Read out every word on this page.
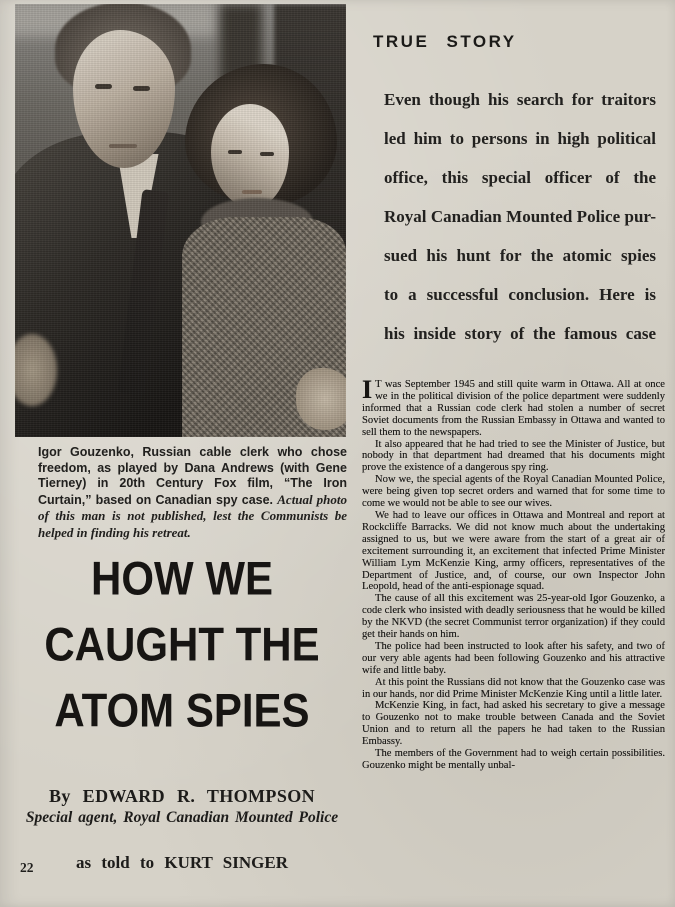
Igor Gouzenko, Russian cable clerk who chose freedom, as played by Dana Andrews (with Gene Tierney) in 20th Century Fox film, “The Iron Curtain,” based on Canadian spy case. Actual photo of this man is not published, lest the Communists be helped in finding his retreat.

HOW WE
CAUGHT THE
ATOM SPIES
By EDWARD R. THOMPSON
Special agent, Royal Canadian Mounted Police
as told to KURT SINGER
22
TRUE STORY
Even though his search for traitors
led him to persons in high political
office, this special officer of the
Royal Canadian Mounted Police pur-
sued his hunt for the atomic spies
to a successful conclusion. Here is
his inside story of the famous case

I T was September 1945 and still quite warm in Ottawa. All at once we in the political division of the police department were suddenly informed that a Russian code clerk had stolen a number of secret Soviet documents from the Russian Embassy in Ottawa and wanted to sell them to the newspapers.

It also appeared that he had tried to see the Minister of Justice, but nobody in that department had dreamed that his documents might prove the existence of a dangerous spy ring.

Now we, the special agents of the Royal Canadian Mounted Police, were being given top secret orders and warned that for some time to come we would not be able to see our wives.

We had to leave our offices in Ottawa and Montreal and report at Rockcliffe Barracks. We did not know much about the undertaking assigned to us, but we were aware from the start of a great air of excitement surrounding it, an excitement that infected Prime Minister William Lym McKenzie King, army officers, representatives of the Department of Justice, and, of course, our own Inspector John Leopold, head of the anti-espionage squad.

The cause of all this excitement was 25-year-old Igor Gouzenko, a code clerk who insisted with deadly seriousness that he would be killed by the NKVD (the secret Communist terror organization) if they could get their hands on him.

The police had been instructed to look after his safety, and two of our very able agents had been following Gouzenko and his attractive wife and little baby.

At this point the Russians did not know that the Gouzenko case was in our hands, nor did Prime Minister McKenzie King until a little later.

McKenzie King, in fact, had asked his secretary to give a message to Gouzenko not to make trouble between Canada and the Soviet Union and to return all the papers he had taken to the Russian Embassy.

The members of the Government had to weigh certain possibilities. Gouzenko might be mentally unbal-
